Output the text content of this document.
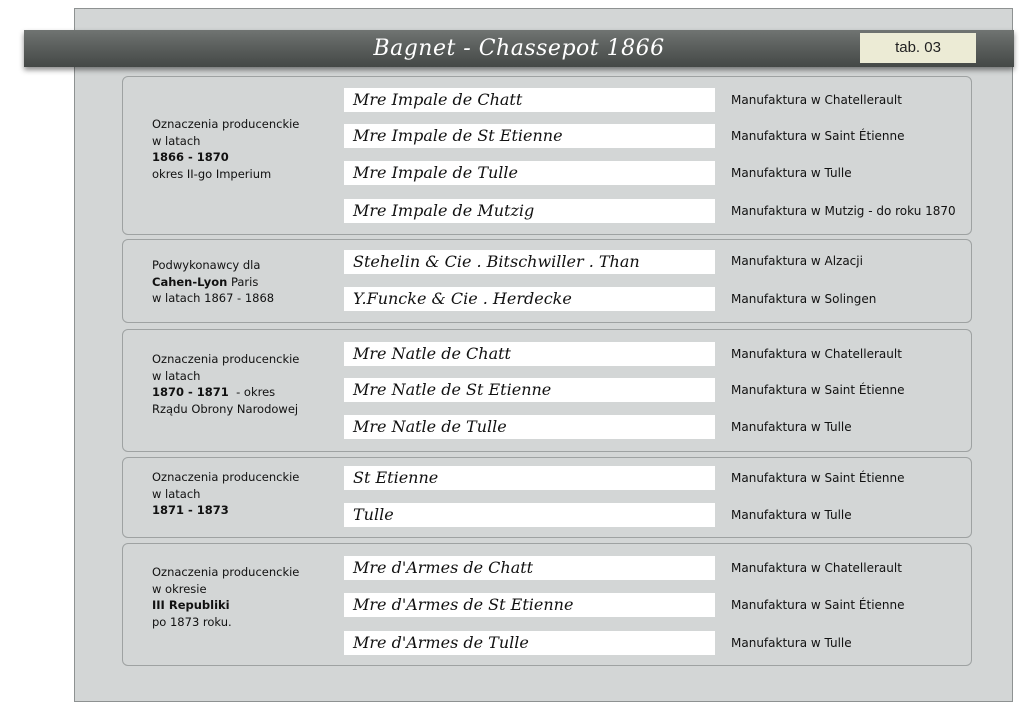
Bagnet - Chassepot 1866	tab. 03

Oznaczenia producenckie
w latach
1866 - 1870
okres II-go Imperium

Mre Impale de Chatt	Manufaktura w Chatellerault
Mre Impale de St Etienne	Manufaktura w Saint Étienne
Mre Impale de Tulle	Manufaktura w Tulle
Mre Impale de Mutzig	Manufaktura w Mutzig - do roku 1870

Podwykonawcy dla
Cahen-Lyon Paris
w latach 1867 - 1868

Stehelin & Cie . Bitschwiller . Than	Manufaktura w Alzacji
Y.Funcke & Cie . Herdecke	Manufaktura w Solingen

Oznaczenia producenckie
w latach
1870 - 1871 - okres
Rządu Obrony Narodowej

Mre Natle de Chatt	Manufaktura w Chatellerault
Mre Natle de St Etienne	Manufaktura w Saint Étienne
Mre Natle de Tulle	Manufaktura w Tulle

Oznaczenia producenckie
w latach
1871 - 1873

St Etienne	Manufaktura w Saint Étienne
Tulle	Manufaktura w Tulle

Oznaczenia producenckie
w okresie
III Republiki
po 1873 roku.

Mre d'Armes de Chatt	Manufaktura w Chatellerault
Mre d'Armes de St Etienne	Manufaktura w Saint Étienne
Mre d'Armes de Tulle	Manufaktura w Tulle
